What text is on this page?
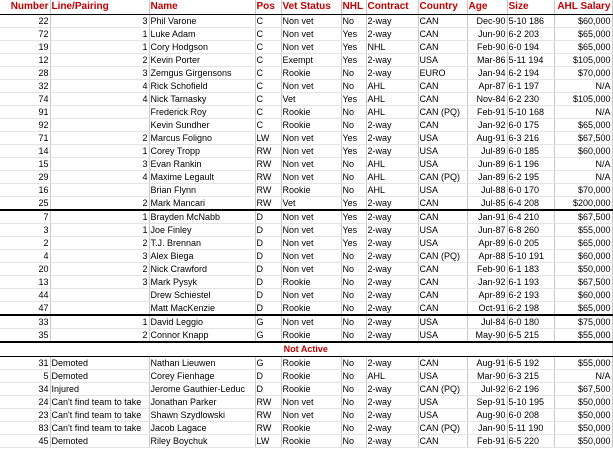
Number	Line/Pairing	Name	Pos	Vet Status	NHL	Contract	Country	Age	Size	AHL Salary
22	3	Phil Varone	C	Non vet	No	2-way	CAN	Dec-90	5-10 186	$60,000
72	1	Luke Adam	C	Non vet	Yes	2-way	CAN	Jun-90	6-2 203	$65,000
19	1	Cory Hodgson	C	Non vet	Yes	NHL	CAN	Feb-90	6-0 194	$65,000
12	2	Kevin Porter	C	Exempt	Yes	2-way	USA	Mar-86	5-11 194	$105,000
28	3	Zemgus Girgensons	C	Rookie	No	2-way	EURO	Jan-94	6-2 194	$70,000
32	4	Rick Schofield	C	Non vet	No	AHL	CAN	Apr-87	6-1 197	N/A
74	4	Nick Tarnasky	C	Vet	Yes	AHL	CAN	Nov-84	6-2 230	$105,000
91		Frederick Roy	C	Rookie	No	AHL	CAN (PQ)	Feb-91	5-10 168	N/A
92		Kevin Sundher	C	Rookie	No	2-way	CAN	Jan-92	6-0 175	$65,000
71	2	Marcus Foligno	LW	Non vet	Yes	2-way	USA	Aug-91	6-3 216	$67,500
14	1	Corey Tropp	RW	Non vet	Yes	2-way	USA	Jul-89	6-0 185	$60,000
15	3	Evan Rankin	RW	Non vet	No	AHL	USA	Jun-89	6-1 196	N/A
29	4	Maxime Legault	RW	Non vet	No	AHL	CAN (PQ)	Jan-89	6-2 195	N/A
16		Brian Flynn	RW	Rookie	No	AHL	USA	Jul-88	6-0 170	$70,000
25	2	Mark Mancari	RW	Vet	Yes	2-way	CAN	Jul-85	6-4 208	$200,000
7	1	Brayden McNabb	D	Non vet	Yes	2-way	CAN	Jan-91	6-4 210	$67,500
3	1	Joe Finley	D	Non vet	Yes	2-way	USA	Jun-87	6-8 260	$55,000
2	2	T.J. Brennan	D	Non vet	Yes	2-way	USA	Apr-89	6-0 205	$65,000
4	3	Alex Biega	D	Non vet	No	2-way	CAN (PQ)	Apr-88	5-10 191	$60,000
20	2	Nick Crawford	D	Non vet	No	2-way	CAN	Feb-90	6-1 183	$50,000
13	3	Mark Pysyk	D	Rookie	No	2-way	CAN	Jan-92	6-1 193	$67,500
44		Drew Schiestel	D	Non vet	No	2-way	CAN	Apr-89	6-2 193	$60,000
47		Matt MacKenzie	D	Rookie	No	2-way	CAN	Oct-91	6-2 198	$65,000
33	1	David Leggio	G	Non vet	No	2-way	USA	Jul-84	6-0 180	$75,000
35	2	Connor Knapp	G	Rookie	No	2-way	USA	May-90	6-5 215	$55,000
Not Active										
31	Demoted	Nathan Lieuwen	G	Rookie	No	2-way	CAN	Aug-91	6-5 192	$55,000
5	Demoted	Corey Fienhage	D	Rookie	No	AHL	USA	Mar-90	6-3 215	N/A
34	Injured	Jerome Gauthier-Leduc	D	Rookie	No	2-way	CAN (PQ)	Jul-92	6-2 196	$67,500
24	Can't find team to take	Jonathan Parker	RW	Non vet	No	2-way	USA	Sep-91	5-10 195	$50,000
23	Can't find team to take	Shawn Szydlowski	RW	Non vet	No	2-way	USA	Aug-90	6-0 208	$50,000
83	Can't find team to take	Jacob Lagace	RW	Rookie	No	2-way	CAN (PQ)	Jan-90	5-11 190	$50,000
45	Demoted	Riley Boychuk	LW	Rookie	No	2-way	CAN	Feb-91	6-5 220	$50,000
